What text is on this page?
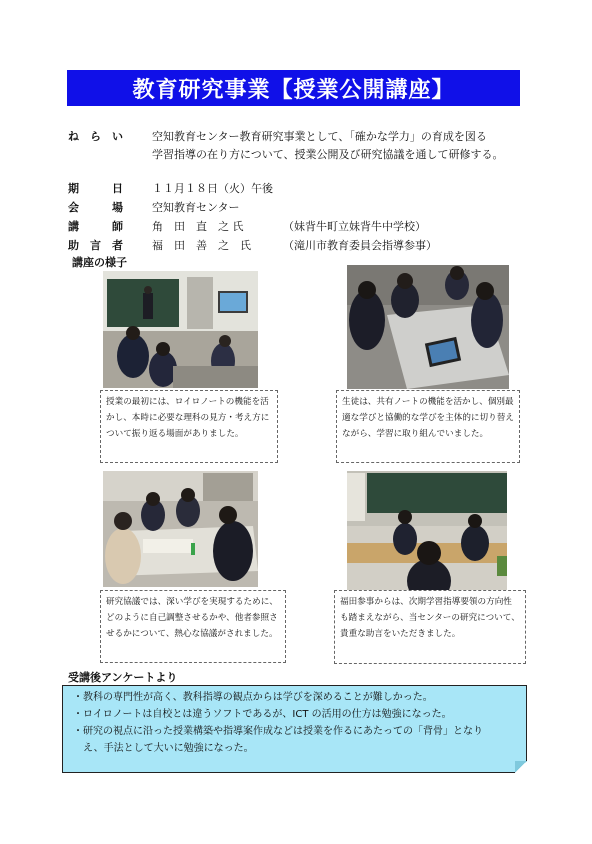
教育研究事業【授業公開講座】
ね　ら　い	空知教育センター教育研究事業として、「確かな学力」の育成を図る
学習指導の在り方について、授業公開及び研究協議を通して研修する。
期　　　日	１１月１８日（火）午後
会　　　場	空知教育センター
講　　　師	角　田　直　之 氏	（妹背牛町立妹背牛中学校）
助　言　者	福　田　善　之　氏	（滝川市教育委員会指導参事）
講座の様子
授業の最初には、ロイロノートの機能を活かし、本時に必要な理科の見方・考え方について振り返る場面がありました。
生徒は、共有ノートの機能を活かし、個別最適な学びと協働的な学びを主体的に切り替えながら、学習に取り組んでいました。
研究協議では、深い学びを実現するために、どのように自己調整させるかや、他者参照させるかについて、熱心な協議がされました。
福田参事からは、次期学習指導要領の方向性も踏まえながら、当センターの研究について、貴重な助言をいただきました。
受講後アンケートより
・教科の専門性が高く、教科指導の観点からは学びを深めることが難しかった。
・ロイロノートは自校とは違うソフトであるが、ICT の活用の仕方は勉強になった。
・研究の視点に沿った授業構築や指導案作成などは授業を作るにあたっての「背骨」となり
　え、手法として大いに勉強になった。
